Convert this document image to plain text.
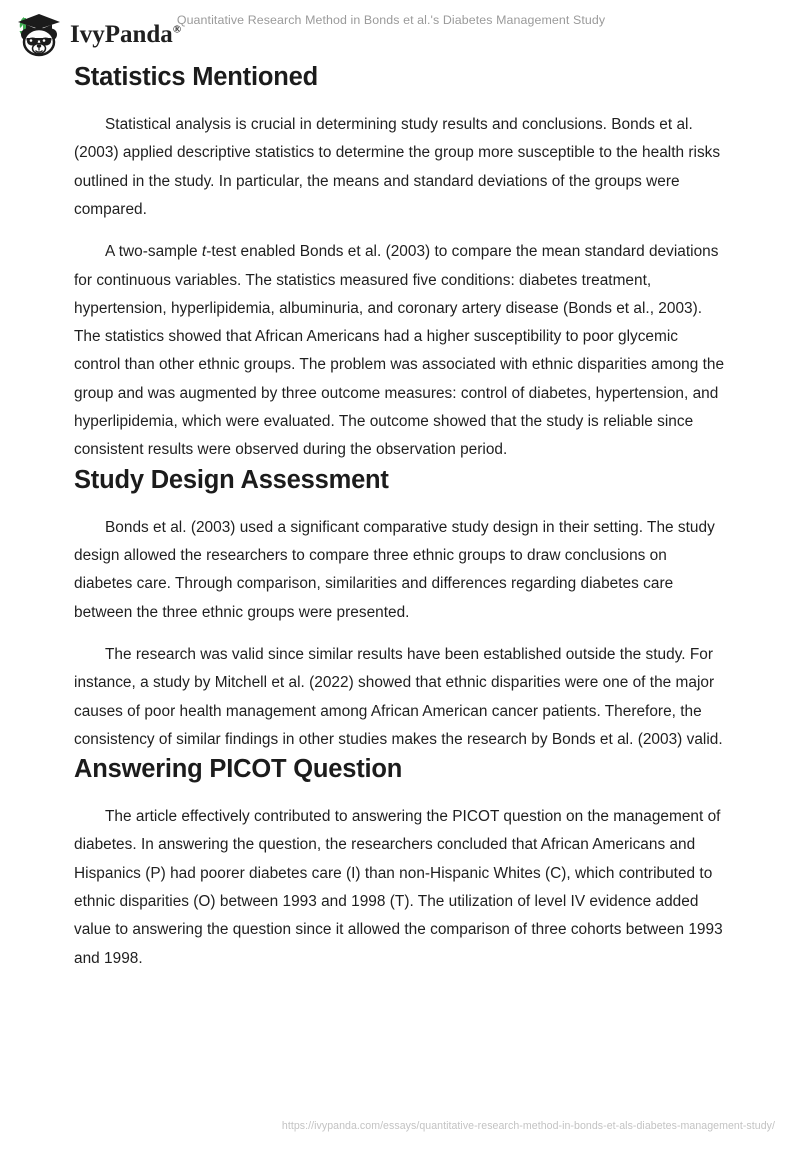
IvyPanda®
Quantitative Research Method in Bonds et al.'s Diabetes Management Study
Statistics Mentioned

Statistical analysis is crucial in determining study results and conclusions. Bonds et al. (2003) applied descriptive statistics to determine the group more susceptible to the health risks outlined in the study. In particular, the means and standard deviations of the groups were compared.

A two-sample t-test enabled Bonds et al. (2003) to compare the mean standard deviations for continuous variables. The statistics measured five conditions: diabetes treatment, hypertension, hyperlipidemia, albuminuria, and coronary artery disease (Bonds et al., 2003). The statistics showed that African Americans had a higher susceptibility to poor glycemic control than other ethnic groups. The problem was associated with ethnic disparities among the group and was augmented by three outcome measures: control of diabetes, hypertension, and hyperlipidemia, which were evaluated. The outcome showed that the study is reliable since consistent results were observed during the observation period.

Study Design Assessment

Bonds et al. (2003) used a significant comparative study design in their setting. The study design allowed the researchers to compare three ethnic groups to draw conclusions on diabetes care. Through comparison, similarities and differences regarding diabetes care between the three ethnic groups were presented.

The research was valid since similar results have been established outside the study. For instance, a study by Mitchell et al. (2022) showed that ethnic disparities were one of the major causes of poor health management among African American cancer patients. Therefore, the consistency of similar findings in other studies makes the research by Bonds et al. (2003) valid.

Answering PICOT Question

The article effectively contributed to answering the PICOT question on the management of diabetes. In answering the question, the researchers concluded that African Americans and Hispanics (P) had poorer diabetes care (I) than non-Hispanic Whites (C), which contributed to ethnic disparities (O) between 1993 and 1998 (T). The utilization of level IV evidence added value to answering the question since it allowed the comparison of three cohorts between 1993 and 1998.

https://ivypanda.com/essays/quantitative-research-method-in-bonds-et-als-diabetes-management-study/
